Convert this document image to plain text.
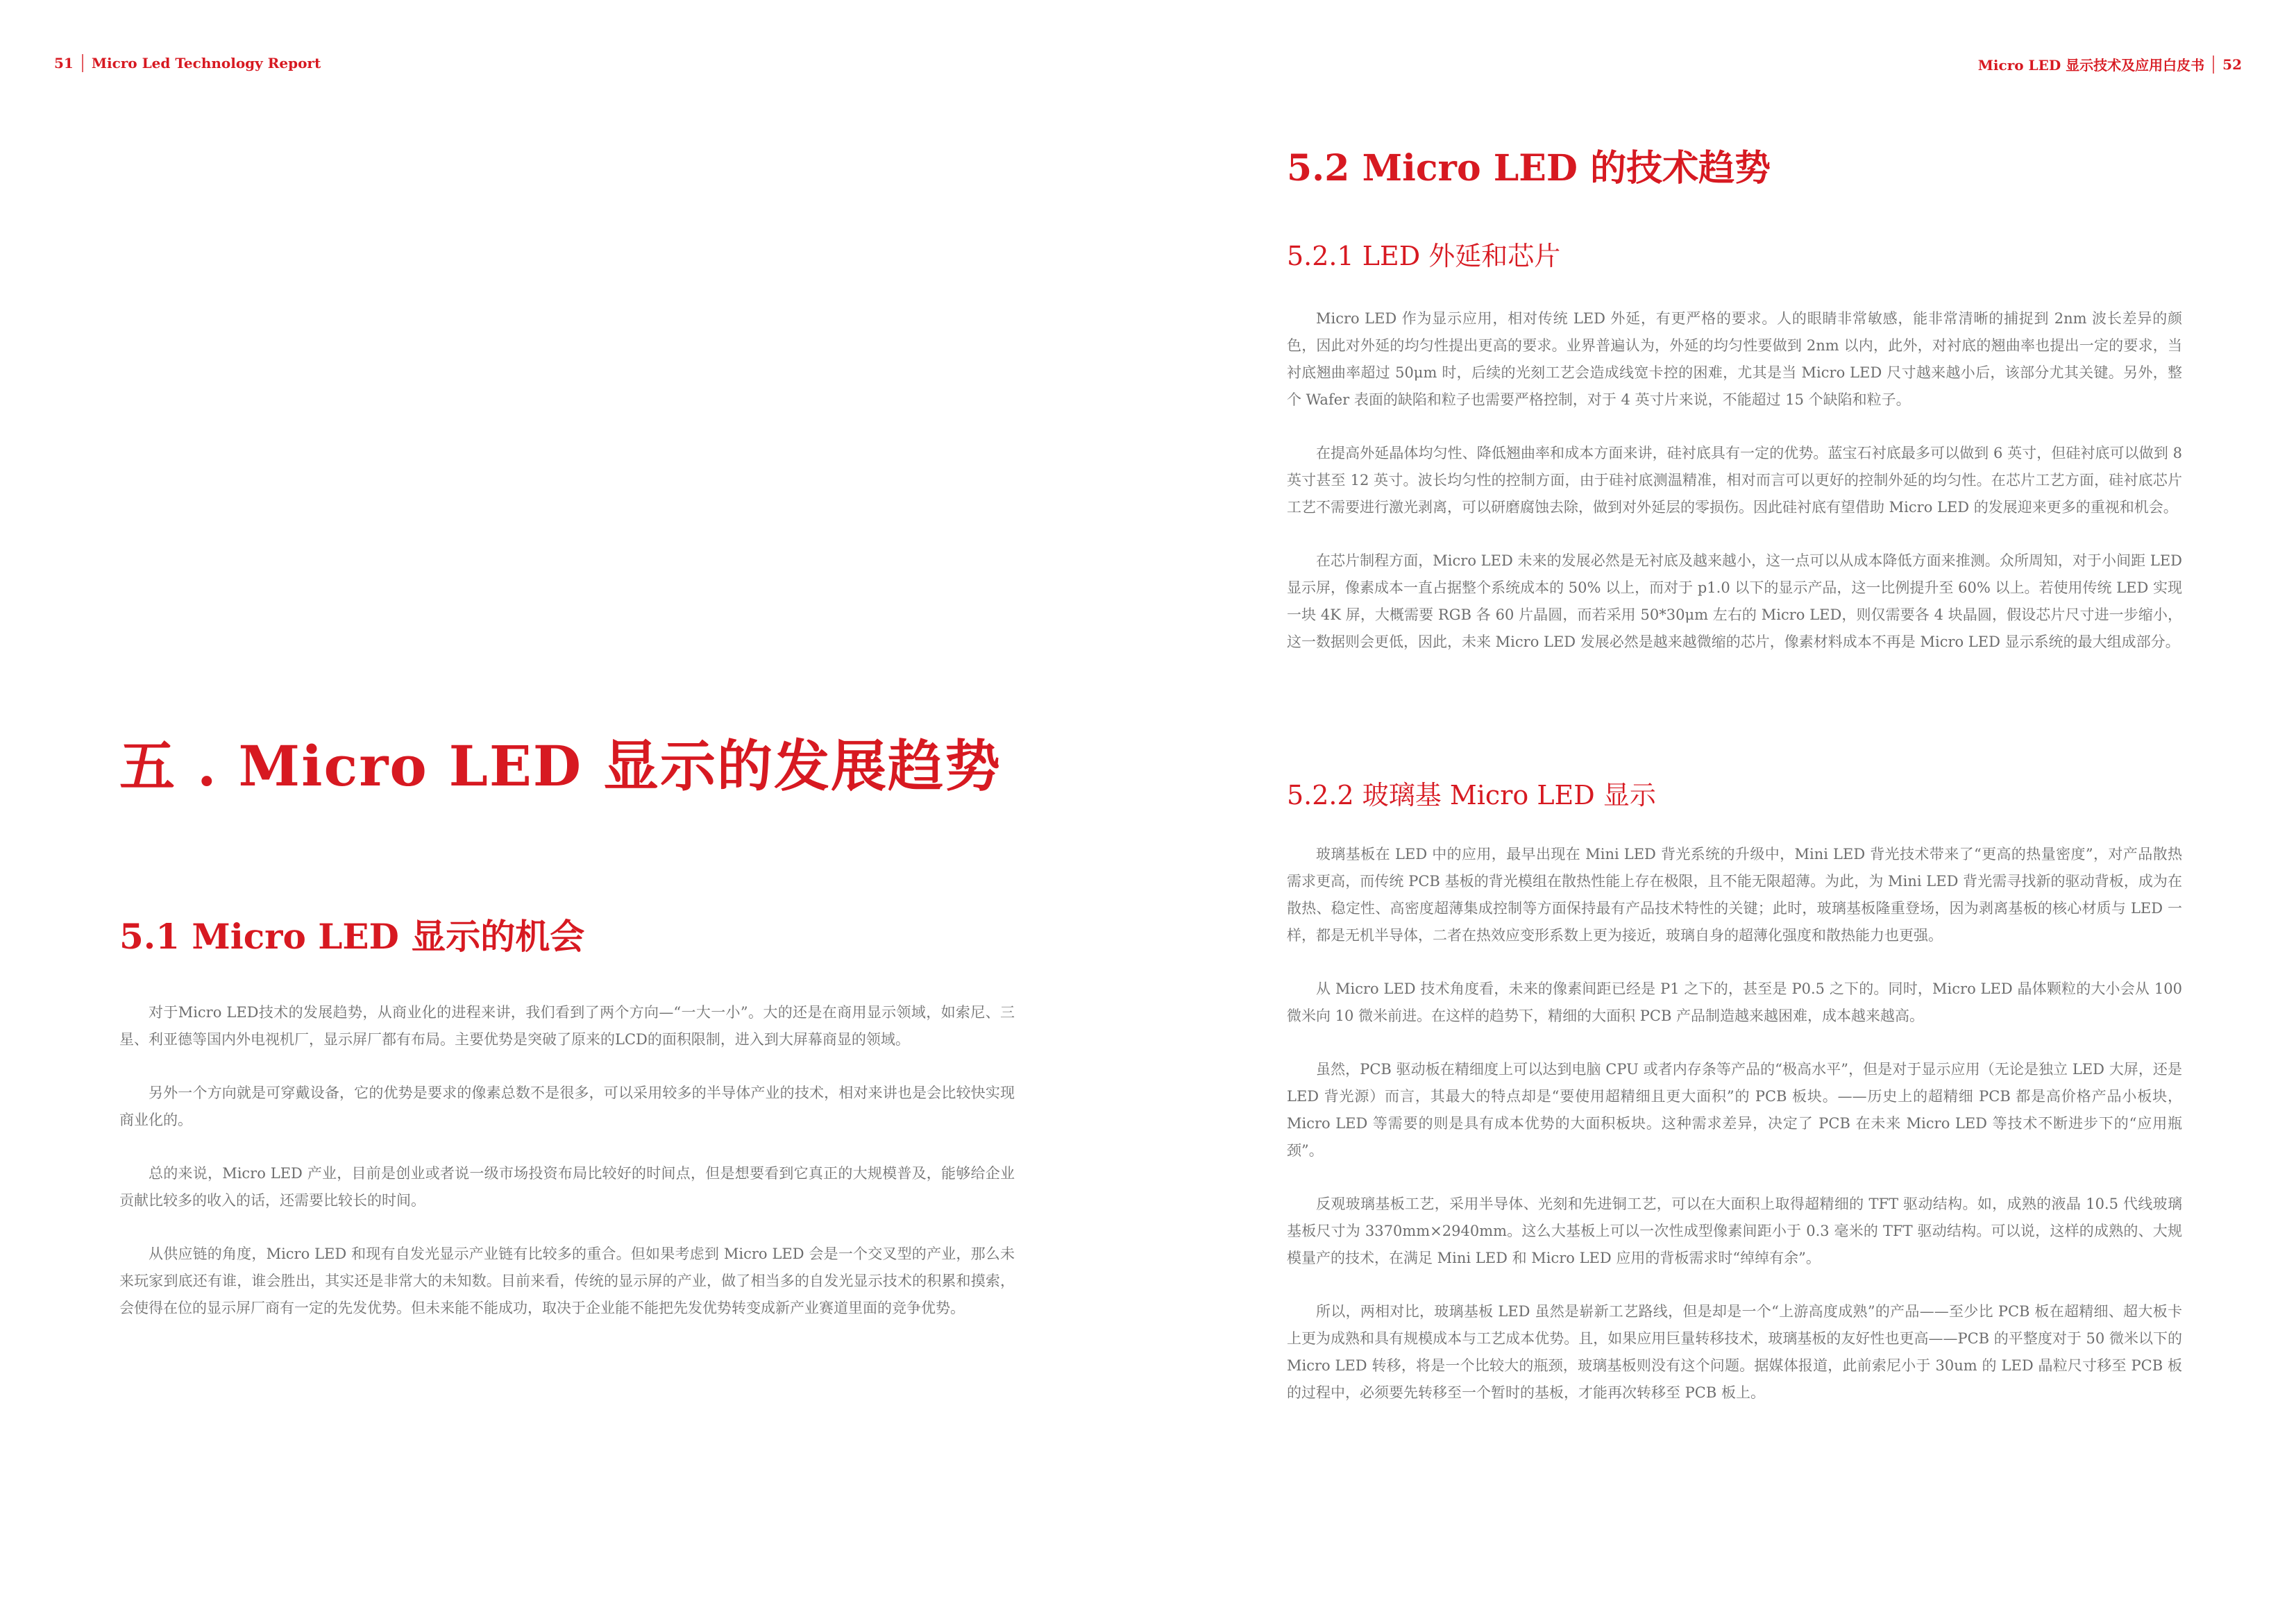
51 Micro Led Technology Report
五 . Micro LED 显示的发展趋势
5.1 Micro LED 显示的机会

对于Micro LED技术的发展趋势，从商业化的进程来讲，我们看到了两个方向—“一大一小”。大的还是在商用显示领域，如索尼、三星、利亚德等国内外电视机厂，显示屏厂都有布局。主要优势是突破了原来的LCD的面积限制，进入到大屏幕商显的领域。

另外一个方向就是可穿戴设备，它的优势是要求的像素总数不是很多，可以采用较多的半导体产业的技术，相对来讲也是会比较快实现商业化的。

总的来说，Micro LED 产业，目前是创业或者说一级市场投资布局比较好的时间点，但是想要看到它真正的大规模普及，能够给企业贡献比较多的收入的话，还需要比较长的时间。

从供应链的角度，Micro LED 和现有自发光显示产业链有比较多的重合。但如果考虑到 Micro LED 会是一个交叉型的产业，那么未来玩家到底还有谁，谁会胜出，其实还是非常大的未知数。目前来看，传统的显示屏的产业，做了相当多的自发光显示技术的积累和摸索，会使得在位的显示屏厂商有一定的先发优势。但未来能不能成功，取决于企业能不能把先发优势转变成新产业赛道里面的竞争优势。

Micro LED 显示技术及应用白皮书 52
5.2 Micro LED 的技术趋势
5.2.1 LED 外延和芯片

Micro LED 作为显示应用，相对传统 LED 外延，有更严格的要求。人的眼睛非常敏感，能非常清晰的捕捉到 2nm 波长差异的颜色，因此对外延的均匀性提出更高的要求。业界普遍认为，外延的均匀性要做到 2nm 以内，此外，对衬底的翘曲率也提出一定的要求，当衬底翘曲率超过 50μm 时，后续的光刻工艺会造成线宽卡控的困难，尤其是当 Micro LED 尺寸越来越小后，该部分尤其关键。另外，整个 Wafer 表面的缺陷和粒子也需要严格控制，对于 4 英寸片来说，不能超过 15 个缺陷和粒子。

在提高外延晶体均匀性、降低翘曲率和成本方面来讲，硅衬底具有一定的优势。蓝宝石衬底最多可以做到 6 英寸，但硅衬底可以做到 8 英寸甚至 12 英寸。波长均匀性的控制方面，由于硅衬底测温精准，相对而言可以更好的控制外延的均匀性。在芯片工艺方面，硅衬底芯片工艺不需要进行激光剥离，可以研磨腐蚀去除，做到对外延层的零损伤。因此硅衬底有望借助 Micro LED 的发展迎来更多的重视和机会。

在芯片制程方面，Micro LED 未来的发展必然是无衬底及越来越小，这一点可以从成本降低方面来推测。众所周知，对于小间距 LED 显示屏，像素成本一直占据整个系统成本的 50% 以上，而对于 p1.0 以下的显示产品，这一比例提升至 60% 以上。若使用传统 LED 实现一块 4K 屏，大概需要 RGB 各 60 片晶圆，而若采用 50*30μm 左右的 Micro LED，则仅需要各 4 块晶圆，假设芯片尺寸进一步缩小，这一数据则会更低，因此，未来 Micro LED 发展必然是越来越微缩的芯片，像素材料成本不再是 Micro LED 显示系统的最大组成部分。

5.2.2 玻璃基 Micro LED 显示

玻璃基板在 LED 中的应用，最早出现在 Mini LED 背光系统的升级中，Mini LED 背光技术带来了“更高的热量密度”，对产品散热需求更高，而传统 PCB 基板的背光模组在散热性能上存在极限，且不能无限超薄。为此，为 Mini LED 背光需寻找新的驱动背板，成为在散热、稳定性、高密度超薄集成控制等方面保持最有产品技术特性的关键；此时，玻璃基板隆重登场，因为剥离基板的核心材质与 LED 一样，都是无机半导体，二者在热效应变形系数上更为接近，玻璃自身的超薄化强度和散热能力也更强。

从 Micro LED 技术角度看，未来的像素间距已经是 P1 之下的，甚至是 P0.5 之下的。同时，Micro LED 晶体颗粒的大小会从 100 微米向 10 微米前进。在这样的趋势下，精细的大面积 PCB 产品制造越来越困难，成本越来越高。

虽然，PCB 驱动板在精细度上可以达到电脑 CPU 或者内存条等产品的“极高水平”，但是对于显示应用（无论是独立 LED 大屏，还是 LED 背光源）而言，其最大的特点却是“要使用超精细且更大面积”的 PCB 板块。——历史上的超精细 PCB 都是高价格产品小板块，Micro LED 等需要的则是具有成本优势的大面积板块。这种需求差异，决定了 PCB 在未来 Micro LED 等技术不断进步下的“应用瓶颈”。

反观玻璃基板工艺，采用半导体、光刻和先进铜工艺，可以在大面积上取得超精细的 TFT 驱动结构。如，成熟的液晶 10.5 代线玻璃基板尺寸为 3370mm×2940mm。这么大基板上可以一次性成型像素间距小于 0.3 毫米的 TFT 驱动结构。可以说，这样的成熟的、大规模量产的技术，在满足 Mini LED 和 Micro LED 应用的背板需求时“绰绰有余”。

所以，两相对比，玻璃基板 LED 虽然是崭新工艺路线，但是却是一个“上游高度成熟”的产品——至少比 PCB 板在超精细、超大板卡上更为成熟和具有规模成本与工艺成本优势。且，如果应用巨量转移技术，玻璃基板的友好性也更高——PCB 的平整度对于 50 微米以下的 Micro LED 转移，将是一个比较大的瓶颈，玻璃基板则没有这个问题。据媒体报道，此前索尼小于 30um 的 LED 晶粒尺寸移至 PCB 板的过程中，必须要先转移至一个暂时的基板，才能再次转移至 PCB 板上。
